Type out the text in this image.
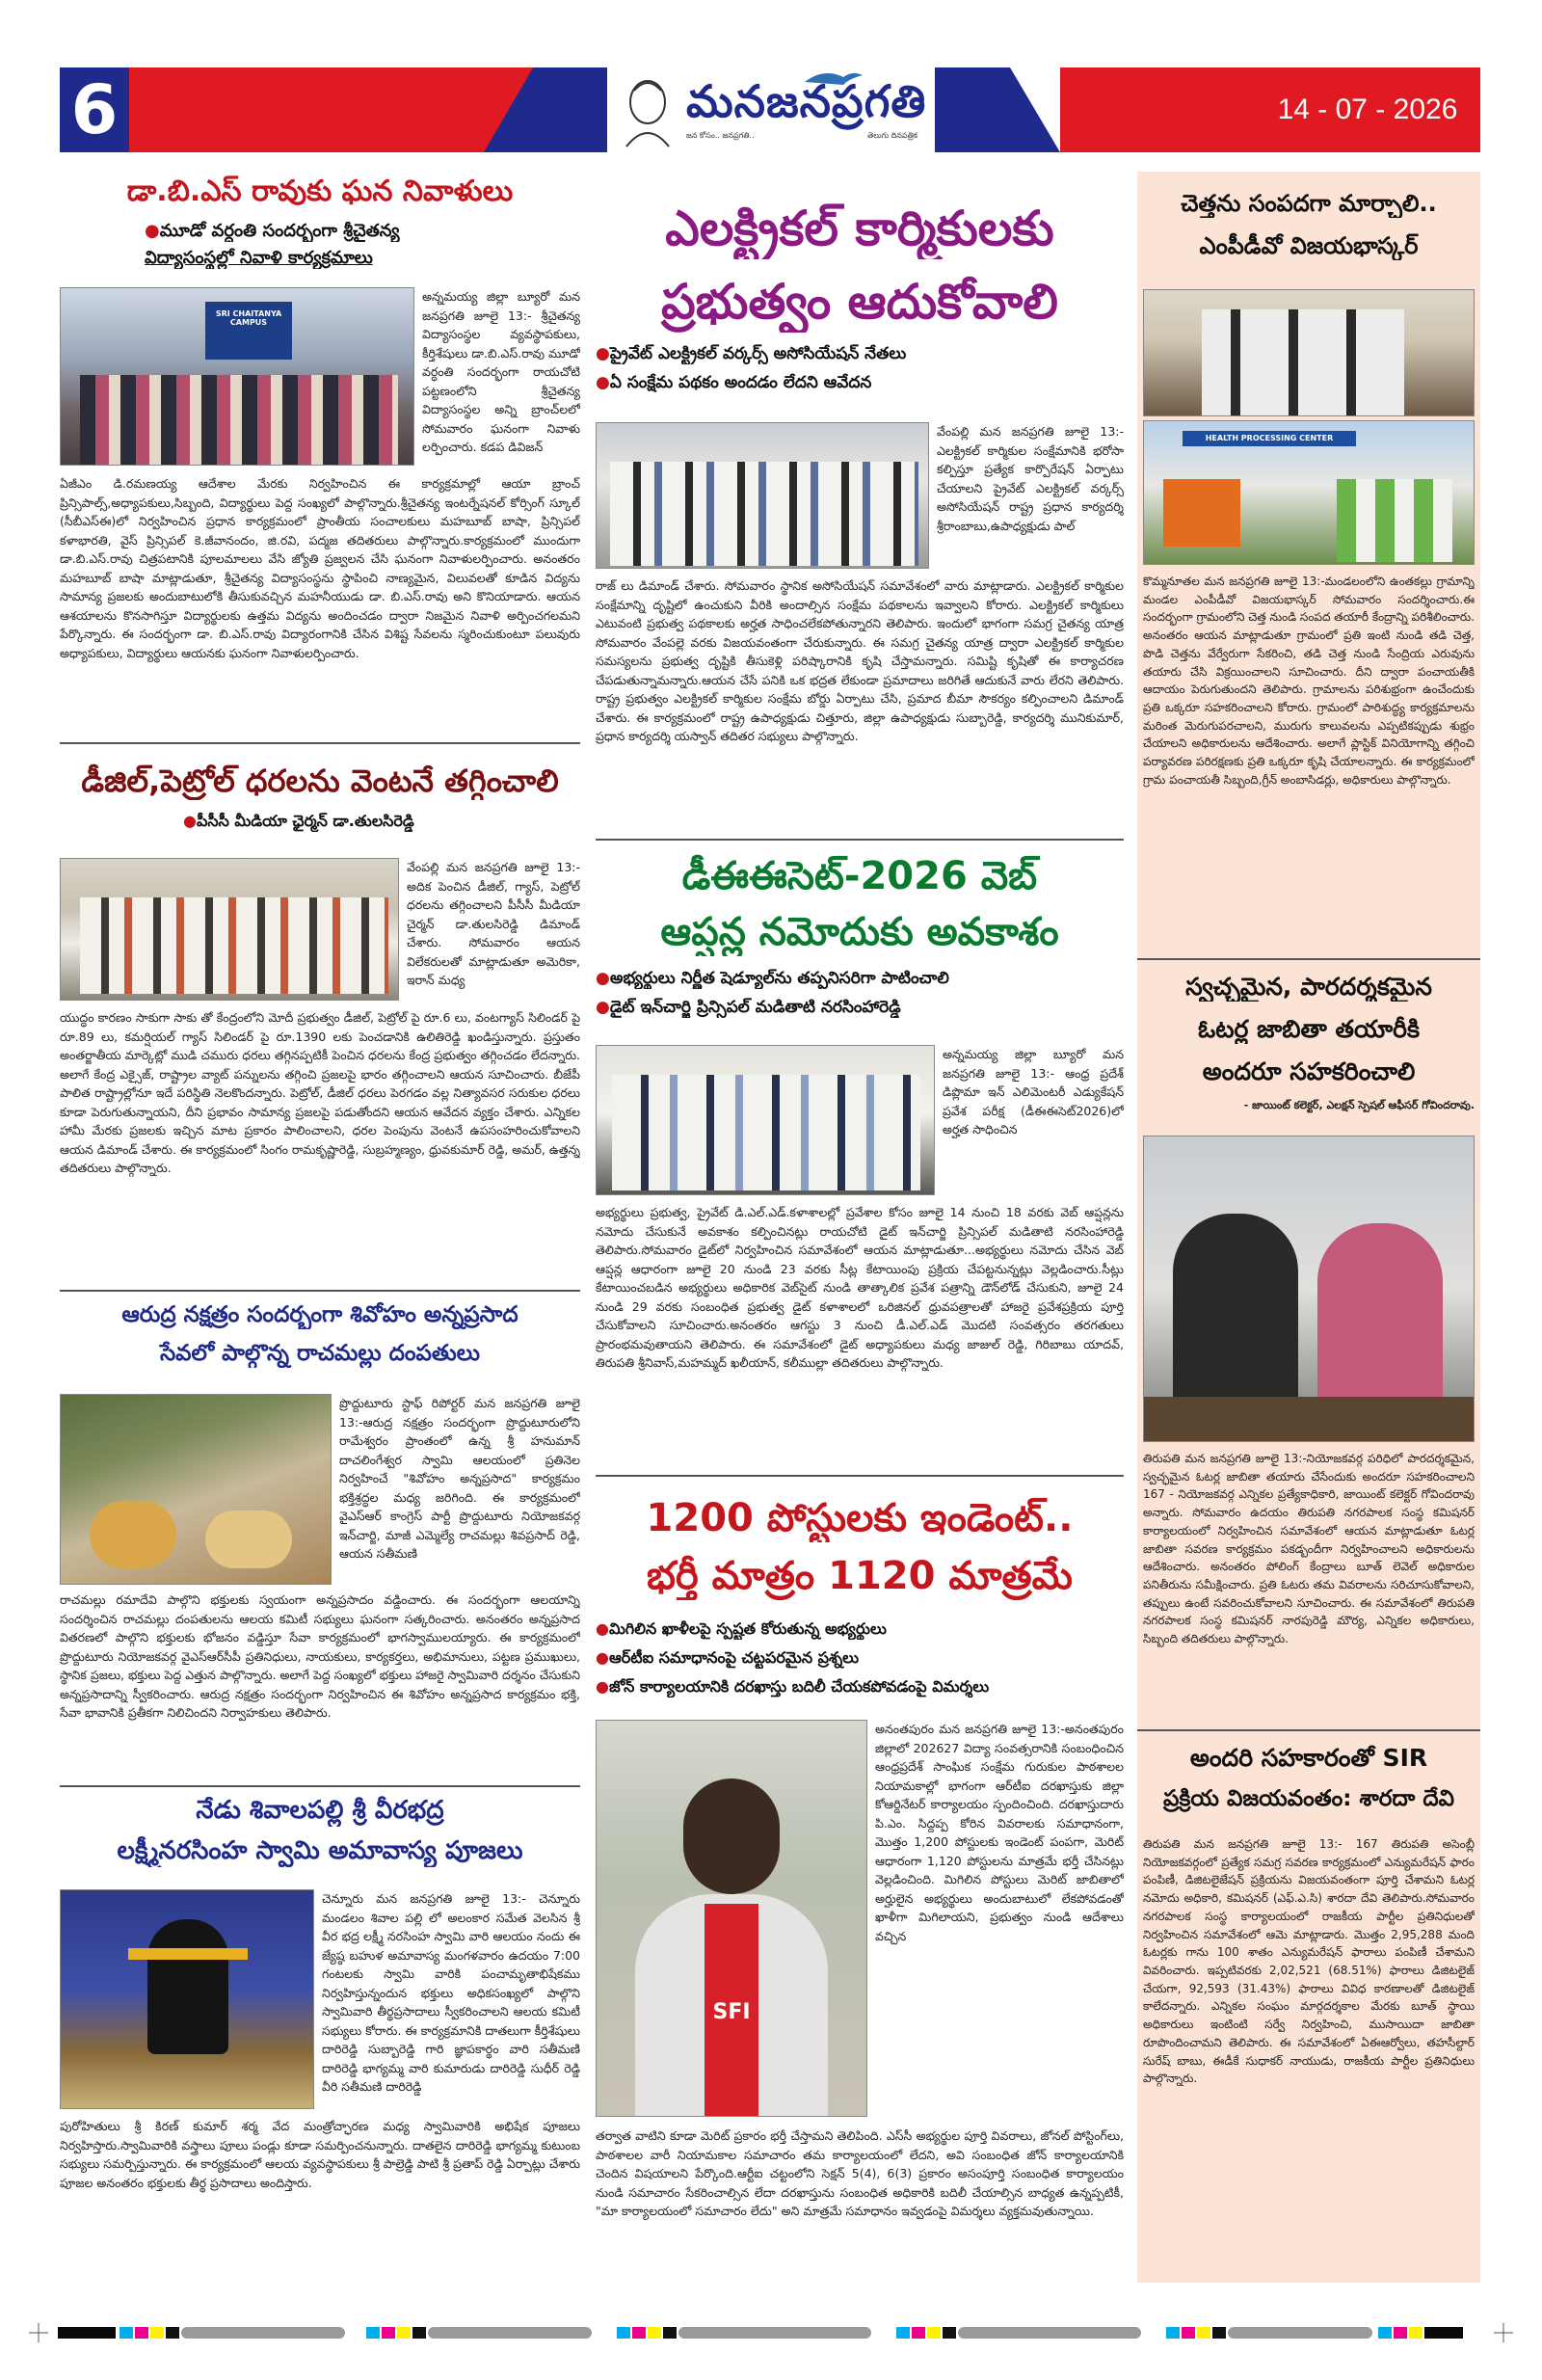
6	మనజనప్రగతి
జన కోసం.. జనప్రగతి..	తెలుగు దినపత్రిక
14 - 07 - 2026
డా.బి.ఎస్ రావుకు ఘన నివాళులు
●మూడో వర్ధంతి సందర్భంగా శ్రీచైతన్య
విద్యాసంస్థల్లో నివాళి కార్యక్రమాలు
SRI CHAITANYA CAMPUS
అన్నమయ్య జిల్లా బ్యూరో మన జనప్రగతి జూలై 13:- శ్రీచైతన్య విద్యాసంస్థల వ్యవస్థాపకులు, కీర్తిశేషులు డా.బి.ఎస్.రావు మూడో వర్ధంతి సందర్భంగా రాయచోటి పట్టణంలోని శ్రీచైతన్య విద్యాసంస్థల అన్ని బ్రాంచ్‌లలో సోమవారం ఘనంగా నివాళు లర్పించారు. కడప డివిజన్
ఏజీఎం డి.రమణయ్య ఆదేశాల మేరకు నిర్వహించిన ఈ కార్యక్రమాల్లో ఆయా బ్రాంచ్ ప్రిన్సిపాల్స్,అధ్యాపకులు,సిబ్బంది, విద్యార్థులు పెద్ద సంఖ్యలో పాల్గొన్నారు.శ్రీచైతన్య ఇంటర్నేషనల్ కోర్సింగ్ స్కూల్ (సీబీఎస్ఈ)లో నిర్వహించిన ప్రధాన కార్యక్రమంలో ప్రాంతీయ సంచాలకులు మహబూబ్ బాషా, ప్రిన్సిపల్ కళాభారతి, వైస్ ప్రిన్సిపల్ కె.జీవానందం, జి.రవి, పద్మజ తదితరులు పాల్గొన్నారు.కార్యక్రమంలో ముందుగా డా.బి.ఎస్.రావు చిత్రపటానికి పూలమాలలు వేసి జ్యోతి ప్రజ్వలన చేసి ఘనంగా నివాళులర్పించారు. అనంతరం మహబూబ్ బాషా మాట్లాడుతూ, శ్రీచైతన్య విద్యాసంస్థను స్థాపించి నాణ్యమైన, విలువలతో కూడిన విద్యను సామాన్య ప్రజలకు అందుబాటులోకి తీసుకువచ్చిన మహనీయుడు డా. బి.ఎస్.రావు అని కొనియాడారు. ఆయన ఆశయాలను కొనసాగిస్తూ విద్యార్థులకు ఉత్తమ విద్యను అందించడం ద్వారా నిజమైన నివాళి అర్పించగలమని పేర్కొన్నారు. ఈ సందర్భంగా డా. బి.ఎస్.రావు విద్యారంగానికి చేసిన విశిష్ట సేవలను స్మరించుకుంటూ పలువురు అధ్యాపకులు, విద్యార్థులు ఆయనకు ఘనంగా నివాళులర్పించారు.
డీజిల్,పెట్రోల్ ధరలను వెంటనే తగ్గించాలి
●పీసీసీ మీడియా ఛైర్మన్ డా.తులసిరెడ్డి
వేంపల్లి మన జనప్రగతి జూలై 13:-అదిక పెంచిన డీజిల్, గ్యాస్, పెట్రోల్ ధరలను తగ్గించాలని పీసీసీ మీడియా చైర్మన్ డా.తులసిరెడ్డి డిమాండ్ చేశారు. సోమవారం ఆయన విలేకరులతో మాట్లాడుతూ అమెరికా, ఇరాన్ మధ్య
యుద్ధం కారణం సాకుగా సాకు తో కేంద్రంలోని మోదీ ప్రభుత్వం డీజిల్, పెట్రోల్ పై రూ.6 లు, వంటగ్యాస్ సిలిండర్ పై రూ.89 లు, కమర్షియల్ గ్యాస్ సిలిండర్ పై రూ.1390 లకు పెంచడానికి ఉలితిరెడ్డి ఖండిస్తున్నారు. ప్రస్తుతం అంతర్జాతీయ మార్కెట్లో ముడి చమురు ధరలు తగ్గినప్పటికీ పెంచిన ధరలను కేంద్ర ప్రభుత్వం తగ్గించడం లేదన్నారు. అలాగే కేంద్ర ఎక్సైజ్, రాష్ట్రాల వ్యాట్ పన్నులను తగ్గించి ప్రజలపై భారం తగ్గించాలని ఆయన సూచించారు. బీజేపీ పాలిత రాష్ట్రాల్లోనూ ఇదే పరిస్థితి నెలకొందన్నారు. పెట్రోల్, డీజిల్ ధరలు పెరగడం వల్ల నిత్యావసర సరుకుల ధరలు కూడా పెరుగుతున్నాయని, దీని ప్రభావం సామాన్య ప్రజలపై పడుతోందని ఆయన ఆవేదన వ్యక్తం చేశారు. ఎన్నికల హామీ మేరకు ప్రజలకు ఇచ్చిన మాట ప్రకారం పాలించాలని, ధరల పెంపును వెంటనే ఉపసంహరించుకోవాలని ఆయన డిమాండ్ చేశారు. ఈ కార్యక్రమంలో సింగం రామకృష్ణారెడ్డి, సుబ్రహ్మణ్యం, ధ్రువకుమార్ రెడ్డి, అమర్, ఉత్తన్న తదితరులు పాల్గొన్నారు.
ఆరుద్ర నక్షత్రం సందర్భంగా శివోహం అన్నప్రసాద
సేవలో పాల్గొన్న రాచమల్లు దంపతులు
ప్రొద్దుటూరు స్టాఫ్ రిపోర్టర్ మన జనప్రగతి జూలై 13:-ఆరుద్ర నక్షత్రం సందర్భంగా ప్రొద్దుటూరులోని రామేశ్వరం ప్రాంతంలో ఉన్న శ్రీ హనుమాన్ దాచలింగేశ్వర స్వామి ఆలయంలో ప్రతినెల నిర్వహించే "శివోహం అన్నప్రసాద" కార్యక్రమం భక్తిశ్రద్ధల మధ్య జరిగింది. ఈ కార్యక్రమంలో వైఎస్ఆర్ కాంగ్రెస్ పార్టీ ప్రొద్దుటూరు నియోజకవర్గ ఇన్‌చార్జి, మాజీ ఎమ్మెల్యే రాచమల్లు శివప్రసాద్ రెడ్డి, ఆయన సతీమణి
రాచమల్లు రమాదేవి పాల్గొని భక్తులకు స్వయంగా అన్నప్రసాదం వడ్డించారు. ఈ సందర్భంగా ఆలయాన్ని సందర్శించిన రాచమల్లు దంపతులను ఆలయ కమిటీ సభ్యులు ఘనంగా సత్కరించారు. అనంతరం అన్నప్రసాద వితరణలో పాల్గొని భక్తులకు భోజనం వడ్డిస్తూ సేవా కార్యక్రమంలో భాగస్వాములయ్యారు. ఈ కార్యక్రమంలో ప్రొద్దుటూరు నియోజకవర్గ వైఎస్ఆర్‌సీపీ ప్రతినిధులు, నాయకులు, కార్యకర్తలు, అభిమానులు, పట్టణ ప్రముఖులు, స్థానిక ప్రజలు, భక్తులు పెద్ద ఎత్తున పాల్గొన్నారు. అలాగే పెద్ద సంఖ్యలో భక్తులు హాజరై స్వామివారి దర్శనం చేసుకుని అన్నప్రసాదాన్ని స్వీకరించారు. ఆరుద్ర నక్షత్రం సందర్భంగా నిర్వహించిన ఈ శివోహం అన్నప్రసాద కార్యక్రమం భక్తి, సేవా భావానికి ప్రతీకగా నిలిచిందని నిర్వాహకులు తెలిపారు.
నేడు శివాలపల్లి శ్రీ వీరభద్ర
లక్ష్మీనరసింహ స్వామి అమావాస్య పూజలు
చెన్నూరు మన జనప్రగతి జూలై 13:- చెన్నూరు మండలం శివాల పల్లి లో అలంకార సమేత వెలసిన శ్రీ వీర భద్ర లక్ష్మీ నరసింహ స్వామి వారి ఆలయం నందు ఈ జ్యేష్ఠ బహుళ అమావాస్య మంగళవారం ఉదయం 7:00 గంటలకు స్వామి వారికి పంచామృతాభిషేకము నిర్వహిస్తున్నందున భక్తులు అధికసంఖ్యలో పాల్గొని స్వామివారి తీర్థప్రసాదాలు స్వీకరించాలని ఆలయ కమిటీ సభ్యులు కోరారు. ఈ కార్యక్రమానికి దాతలుగా కీర్తిశేషులు దారిరెడ్డి సుబ్బారెడ్డి గారి జ్ఞాపకార్థం వారి సతీమణి దారిరెడ్డి భాగ్యమ్మ వారి కుమారుడు దారిరెడ్డి సుధీర్ రెడ్డి వీరి సతీమణి దారిరెడ్డి
పురోహితులు శ్రీ కిరణ్ కుమార్ శర్మ వేద మంత్రోచ్ఛారణ మధ్య స్వామివారికి అభిషేక పూజలు నిర్వహిస్తారు.స్వామివారికి వస్త్రాలు పూలు పండ్లు కూడా సమర్పించనున్నారు. దాతలైన దారిరెడ్డి భాగ్యమ్మ కుటుంబ సభ్యులు సమర్పిస్తున్నారు. ఈ కార్యక్రమంలో ఆలయ వ్యవస్థాపకులు శ్రీ పాల్రెడ్డి పాటి శ్రీ ప్రతాప్ రెడ్డి ఏర్పాట్లు చేశారు పూజల అనంతరం భక్తులకు తీర్థ ప్రసాదాలు అందిస్తారు.
ఎలక్ట్రికల్ కార్మికులకు
ప్రభుత్వం ఆదుకోవాలి
●ప్రైవేట్ ఎలక్ట్రికల్ వర్కర్స్ అసోసియేషన్ నేతలు
●ఏ సంక్షేమ పథకం అందడం లేదని ఆవేదన
వేంపల్లి మన జనప్రగతి జూలై 13:-ఎలక్ట్రికల్ కార్మికుల సంక్షేమానికి భరోసా కల్పిస్తూ ప్రత్యేక కార్పొరేషన్ ఏర్పాటు చేయాలని ప్రైవేట్ ఎలక్ట్రికల్ వర్కర్స్ అసోసియేషన్ రాష్ట్ర ప్రధాన కార్యదర్శి శ్రీరాంబాబు,ఉపాధ్యక్షుడు పాల్
రాజ్ లు డిమాండ్ చేశారు. సోమవారం స్థానిక అసోసియేషన్ సమావేశంలో వారు మాట్లాడారు. ఎలక్ట్రికల్ కార్మికుల సంక్షేమాన్ని దృష్టిలో ఉంచుకుని వీరికి అందాల్సిన సంక్షేమ పథకాలను ఇవ్వాలని కోరారు. ఎలక్ట్రికల్ కార్మికులు ఎటువంటి ప్రభుత్వ పథకాలకు అర్హత సాధించలేకపోతున్నారని తెలిపారు. ఇందులో భాగంగా సమగ్ర చైతన్య యాత్ర సోమవారం వేంపల్లె వరకు విజయవంతంగా చేరుకున్నారు. ఈ సమగ్ర చైతన్య యాత్ర ద్వారా ఎలక్ట్రికల్ కార్మికుల సమస్యలను ప్రభుత్వ దృష్టికి తీసుకెళ్లి పరిష్కారానికి కృషి చేస్తామన్నారు. సమిష్టి కృషితో ఈ కార్యాచరణ చేపడుతున్నామన్నారు.ఆయన చేసే పనికి ఒక భద్రత లేకుండా ప్రమాదాలు జరిగితే ఆదుకునే వారు లేరని తెలిపారు. రాష్ట్ర ప్రభుత్వం ఎలక్ట్రికల్ కార్మికుల సంక్షేమ బోర్డు ఏర్పాటు చేసి, ప్రమాద బీమా సౌకర్యం కల్పించాలని డిమాండ్ చేశారు. ఈ కార్యక్రమంలో రాష్ట్ర ఉపాధ్యక్షుడు చిత్తూరు, జిల్లా ఉపాధ్యక్షుడు సుబ్బారెడ్డి, కార్యదర్శి మునికుమార్, ప్రధాన కార్యదర్శి యస్వాన్ తదితర సభ్యులు పాల్గొన్నారు.
డీఈఈసెట్-2026 వెబ్
ఆప్షన్ల నమోదుకు అవకాశం
●అభ్యర్థులు నిర్ణీత షెడ్యూల్‌ను తప్పనిసరిగా పాటించాలి
●డైట్ ఇన్‌చార్జి ప్రిన్సిపల్ మడితాటి నరసింహారెడ్డి
అన్నమయ్య జిల్లా బ్యూరో మన జనప్రగతి జూలై 13:- ఆంధ్ర ప్రదేశ్ డిప్లొమా ఇన్ ఎలిమెంటరీ ఎడ్యుకేషన్ ప్రవేశ పరీక్ష (డీఈఈసెట్2026)లో అర్హత సాధించిన
అభ్యర్థులు ప్రభుత్వ, ప్రైవేట్ డి.ఎల్.ఎడ్.కళాశాలల్లో ప్రవేశాల కోసం జూలై 14 నుంచి 18 వరకు వెబ్ ఆప్షన్లను నమోదు చేసుకునే అవకాశం కల్పించినట్లు రాయచోటి డైట్ ఇన్‌చార్జి ప్రిన్సిపల్ మడితాటి నరసింహారెడ్డి తెలిపారు.సోమవారం డైట్‌లో నిర్వహించిన సమావేశంలో ఆయన మాట్లాడుతూ...అభ్యర్థులు నమోదు చేసిన వెబ్ ఆప్షన్ల ఆధారంగా జూలై 20 నుండి 23 వరకు సీట్ల కేటాయింపు ప్రక్రియ చేపట్టనున్నట్లు వెల్లడించారు.సీట్లు కేటాయించబడిన అభ్యర్థులు అధికారిక వెబ్‌సైట్ నుండి తాత్కాలిక ప్రవేశ పత్రాన్ని డౌన్‌లోడ్ చేసుకుని, జూలై 24 నుండి 29 వరకు సంబంధిత ప్రభుత్వ డైట్ కళాశాలలో ఒరిజినల్ ధ్రువపత్రాలతో హాజరై ప్రవేశప్రక్రియ పూర్తి చేసుకోవాలని సూచించారు.అనంతరం ఆగస్టు 3 నుంచి డీ.ఎల్.ఎడ్ మొదటి సంవత్సరం తరగతులు ప్రారంభమవుతాయని తెలిపారు. ఈ సమావేశంలో డైట్ అధ్యాపకులు మధ్య జాజుల్ రెడ్డి, గిరిబాబు యాదవ్, తిరుపతి శ్రీనివాస్,మహమ్మద్ ఖలీయాన్, కలీముల్లా తదితరులు పాల్గొన్నారు.
1200 పోస్టులకు ఇండెంట్..
భర్తీ మాత్రం 1120 మాత్రమే
●మిగిలిన ఖాళీలపై స్పష్టత కోరుతున్న అభ్యర్థులు
●ఆర్‌టీఐ సమాధానంపై చట్టపరమైన ప్రశ్నలు
●జోన్ కార్యాలయానికి దరఖాస్తు బదిలీ చేయకపోవడంపై విమర్శలు
SFI
అనంతపురం మన జనప్రగతి జూలై 13:-అనంతపురం జిల్లాలో 202627 విద్యా సంవత్సరానికి సంబంధించిన ఆంధ్రప్రదేశ్ సాంఘిక సంక్షేమ గురుకుల పాఠశాలల నియామకాల్లో భాగంగా ఆర్‌టీఐ దరఖాస్తుకు జిల్లా కోఆర్డినేటర్ కార్యాలయం స్పందించింది. దరఖాస్తుదారు పి.ఎం. సిద్దప్ప కోరిన వివరాలకు సమాధానంగా, మొత్తం 1,200 పోస్టులకు ఇండెంట్ పంపగా, మెరిట్ ఆధారంగా 1,120 పోస్టులను మాత్రమే భర్తీ చేసినట్లు వెల్లడించింది. మిగిలిన పోస్టులు మెరిట్ జాబితాలో అర్హులైన అభ్యర్థులు అందుబాటులో లేకపోవడంతో ఖాళీగా మిగిలాయని, ప్రభుత్వం నుండి ఆదేశాలు వచ్చిన
తర్వాత వాటిని కూడా మెరిట్ ప్రకారం భర్తీ చేస్తామని తెలిపింది. ఎస్‌సీ అభ్యర్థుల పూర్తి వివరాలు, జోనల్ పోస్టింగ్‌లు, పాఠశాలల వారీ నియామకాల సమాచారం తమ కార్యాలయంలో లేదని, అవి సంబంధిత జోన్ కార్యాలయానికి చెందిన విషయాలని పేర్కొంది.ఆర్టీఐ చట్టంలోని సెక్షన్ 5(4), 6(3) ప్రకారం అసంపూర్తి సంబంధిత కార్యాలయం నుండి సమాచారం సేకరించాల్సిన లేదా దరఖాస్తును సంబంధిత అధికారికి బదిలీ చేయాల్సిన బాధ్యత ఉన్నప్పటికీ, "మా కార్యాలయంలో సమాచారం లేదు" అని మాత్రమే సమాధానం ఇవ్వడంపై విమర్శలు వ్యక్తమవుతున్నాయి.
చెత్తను సంపదగా మార్చాలి..
ఎంపీడీవో విజయభాస్కర్
HEALTH PROCESSING CENTER
కొమ్మనూతల మన జనప్రగతి జూలై 13:-మండలంలోని ఉంతకల్లు గ్రామాన్ని మండల ఎంపీడీవో విజయభాస్కర్ సోమవారం సందర్శించారు.ఈ సందర్భంగా గ్రామంలోని చెత్త నుండి సంపద తయారీ కేంద్రాన్ని పరిశీలించారు. అనంతరం ఆయన మాట్లాడుతూ గ్రామంలో ప్రతి ఇంటి నుండి తడి చెత్త, పొడి చెత్తను వేర్వేరుగా సేకరించి, తడి చెత్త నుండి సేంద్రియ ఎరువును తయారు చేసి విక్రయించాలని సూచించారు. దీని ద్వారా పంచాయతీకి ఆదాయం పెరుగుతుందని తెలిపారు. గ్రామాలను పరిశుభ్రంగా ఉంచేందుకు ప్రతి ఒక్కరూ సహకరించాలని కోరారు. గ్రామంలో పారిశుద్ధ్య కార్యక్రమాలను మరింత మెరుగుపరచాలని, మురుగు కాలువలను ఎప్పటికప్పుడు శుభ్రం చేయాలని అధికారులను ఆదేశించారు. అలాగే ప్లాస్టిక్ వినియోగాన్ని తగ్గించి పర్యావరణ పరిరక్షణకు ప్రతి ఒక్కరూ కృషి చేయాలన్నారు. ఈ కార్యక్రమంలో గ్రామ పంచాయతీ సిబ్బంది,గ్రీన్ అంబాసిడర్లు, అధికారులు పాల్గొన్నారు.
స్వచ్ఛమైన, పారదర్శకమైన
ఓటర్ల జాబితా తయారీకి
అందరూ సహకరించాలి
- జాయింట్ కలెక్టర్, ఎలక్షన్ స్పెషల్ ఆఫీసర్ గోవిందరావు.
తిరుపతి మన జనప్రగతి జూలై 13:-నియోజకవర్గ పరిధిలో పారదర్శకమైన, స్వచ్ఛమైన ఓటర్ల జాబితా తయారు చేసేందుకు అందరూ సహకరించాలని 167 - నియోజకవర్గ ఎన్నికల ప్రత్యేకాధికారి, జాయింట్ కలెక్టర్ గోవిందరావు అన్నారు. సోమవారం ఉదయం తిరుపతి నగరపాలక సంస్థ కమిషనర్ కార్యాలయంలో నిర్వహించిన సమావేశంలో ఆయన మాట్లాడుతూ ఓటర్ల జాబితా సవరణ కార్యక్రమం పకడ్బందీగా నిర్వహించాలని అధికారులను ఆదేశించారు. అనంతరం పోలింగ్ కేంద్రాలు బూత్ లెవెల్ అధికారుల పనితీరును సమీక్షించారు. ప్రతి ఓటరు తమ వివరాలను సరిచూసుకోవాలని, తప్పులు ఉంటే సవరించుకోవాలని సూచించారు. ఈ సమావేశంలో తిరుపతి నగరపాలక సంస్థ కమిషనర్ నారపురెడ్డి మౌర్య, ఎన్నికల అధికారులు, సిబ్బంది తదితరులు పాల్గొన్నారు.
అందరి సహకారంతో SIR
ప్రక్రియ విజయవంతం: శారదా దేవి
తిరుపతి మన జనప్రగతి జూలై 13:- 167 తిరుపతి అసెంబ్లీ నియోజకవర్గంలో ప్రత్యేక సమగ్ర సవరణ కార్యక్రమంలో ఎన్యుమరేషన్ ఫారం పంపిణీ, డిజిటలైజేషన్ ప్రక్రియను విజయవంతంగా పూర్తి చేశామని ఓటర్ల నమోదు అధికారి, కమిషనర్ (ఎఫ్.ఎ.సి) శారదా దేవి తెలిపారు.సోమవారం నగరపాలక సంస్థ కార్యాలయంలో రాజకీయ పార్టీల ప్రతినిధులతో నిర్వహించిన సమావేశంలో ఆమె మాట్లాడారు. మొత్తం 2,95,288 మంది ఓటర్లకు గాను 100 శాతం ఎన్యుమరేషన్ ఫారాలు పంపిణీ చేశామని వివరించారు. ఇప్పటివరకు 2,02,521 (68.51%) ఫారాలు డిజిటలైజ్ చేయగా, 92,593 (31.43%) ఫారాలు వివిధ కారణాలతో డిజిటలైజ్ కాలేదన్నారు. ఎన్నికల సంఘం మార్గదర్శకాల మేరకు బూత్ స్థాయి అధికారులు ఇంటింటి సర్వే నిర్వహించి, ముసాయిదా జాబితా రూపొందించామని తెలిపారు. ఈ సమావేశంలో ఏఈఆర్వోలు, తహసీల్దార్ సురేష్ బాబు, ఈడీకే సుధాకర్ నాయుడు, రాజకీయ పార్టీల ప్రతినిధులు పాల్గొన్నారు.
